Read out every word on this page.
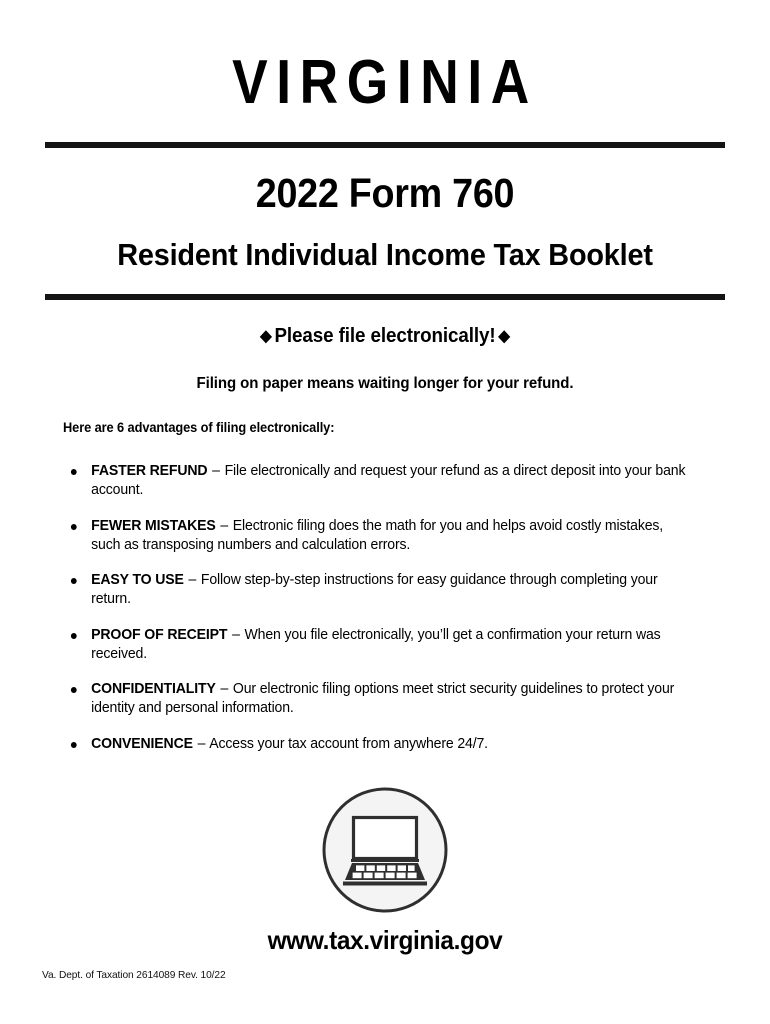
VIRGINIA
2022 Form 760
Resident Individual Income Tax Booklet
◆ Please file electronically! ◆
Filing on paper means waiting longer for your refund.
Here are 6 advantages of filing electronically:
FASTER REFUND – File electronically and request your refund as a direct deposit into your bank account.
FEWER MISTAKES – Electronic filing does the math for you and helps avoid costly mistakes, such as transposing numbers and calculation errors.
EASY TO USE – Follow step-by-step instructions for easy guidance through completing your return.
PROOF OF RECEIPT – When you file electronically, you’ll get a confirmation your return was received.
CONFIDENTIALITY – Our electronic filing options meet strict security guidelines to protect your identity and personal information.
CONVENIENCE – Access your tax account from anywhere 24/7.
www.tax.virginia.gov
Va. Dept. of Taxation 2614089 Rev. 10/22
